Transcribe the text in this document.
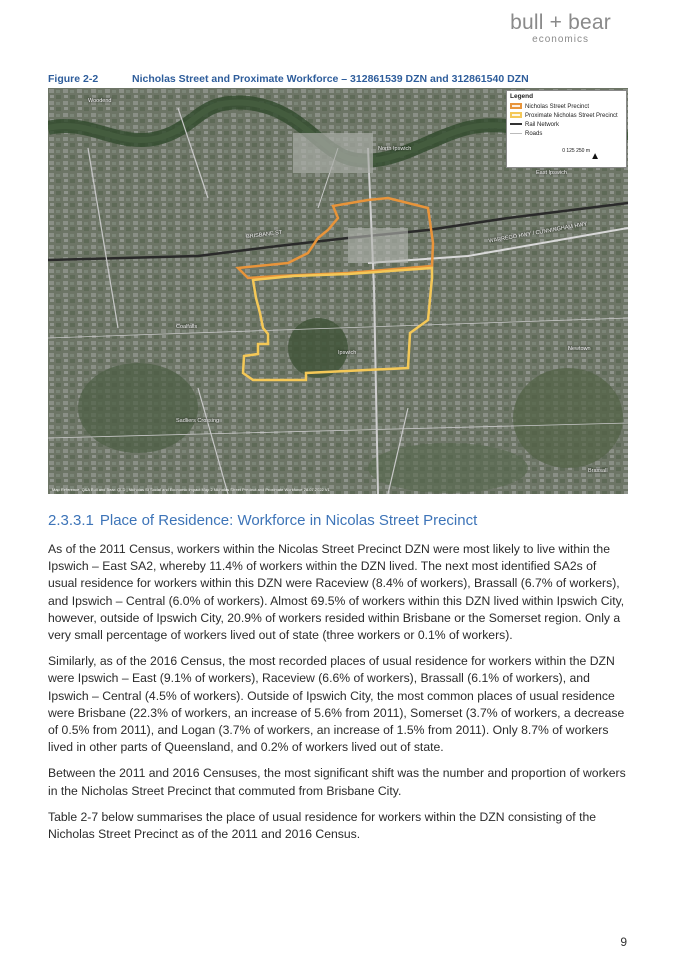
bull + bear
economics
Figure 2-2	Nicholas Street and Proximate Workforce – 312861539 DZN and 312861540 DZN
BRISBANE ST	WARREGO HWY / CUNNINGHAM HWY
North Ipswich
East Ipswich
Ipswich
Coalfalls
Sadliers Crossing
Woodend
Newtown
Brassall
Legend
Nicholas Street Precinct
Proximate Nicholas Street Precinct
Rail Network
Roads
0 125 250 m ▲
Map Reference: Q&A Bull and Bear: QLD | Nicholas St Social and Economic Impact Map 2 Nicholas Street Precinct and Proximate Workforce 28.07.2022 V1
2.3.3.1 Place of Residence: Workforce in Nicolas Street Precinct

As of the 2011 Census, workers within the Nicolas Street Precinct DZN were most likely to live within the Ipswich – East SA2, whereby 11.4% of workers within the DZN lived. The next most identified SA2s of usual residence for workers within this DZN were Raceview (8.4% of workers), Brassall (6.7% of workers), and Ipswich – Central (6.0% of workers). Almost 69.5% of workers within this DZN lived within Ipswich City, however, outside of Ipswich City, 20.9% of workers resided within Brisbane or the Somerset region. Only a very small percentage of workers lived out of state (three workers or 0.1% of workers).

Similarly, as of the 2016 Census, the most recorded places of usual residence for workers within the DZN were Ipswich – East (9.1% of workers), Raceview (6.6% of workers), Brassall (6.1% of workers), and Ipswich – Central (4.5% of workers). Outside of Ipswich City, the most common places of usual residence were Brisbane (22.3% of workers, an increase of 5.6% from 2011), Somerset (3.7% of workers, a decrease of 0.5% from 2011), and Logan (3.7% of workers, an increase of 1.5% from 2011). Only 8.7% of workers lived in other parts of Queensland, and 0.2% of workers lived out of state.

Between the 2011 and 2016 Censuses, the most significant shift was the number and proportion of workers in the Nicholas Street Precinct that commuted from Brisbane City.

Table 2-7 below summarises the place of usual residence for workers within the DZN consisting of the Nicholas Street Precinct as of the 2011 and 2016 Census.

9
